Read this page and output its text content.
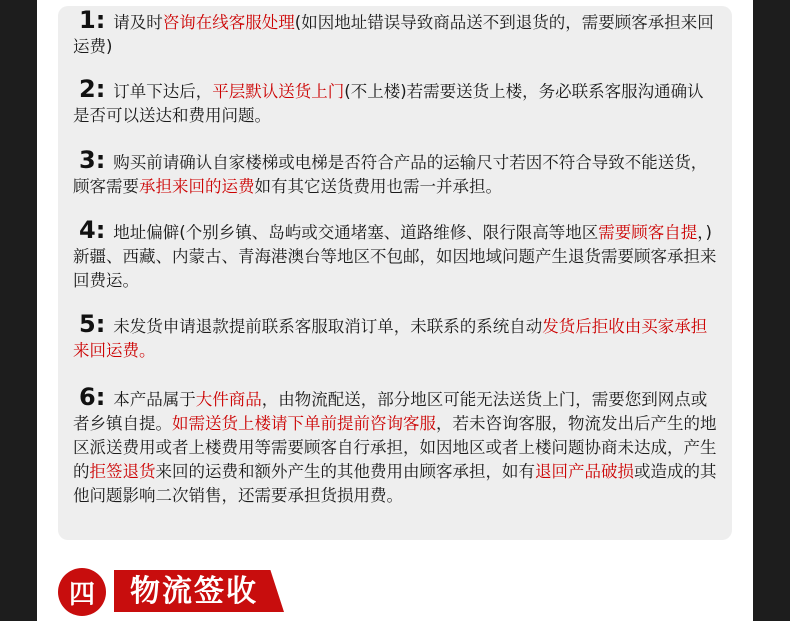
1: 请及时咨询在线客服处理(如因地址错误导致商品送不到退货的，需要顾客承担来回运费)

2: 订单下达后，平层默认送货上门(不上楼)若需要送货上楼，务必联系客服沟通确认是否可以送达和费用问题。

3: 购买前请确认自家楼梯或电梯是否符合产品的运输尺寸若因不符合导致不能送货，顾客需要承担来回的运费如有其它送货费用也需一并承担。

4: 地址偏僻(个别乡镇、岛屿或交通堵塞、道路维修、限行限高等地区需要顾客自提，)新疆、西藏、内蒙古、青海港澳台等地区不包邮，如因地域问题产生退货需要顾客承担来回费运。

5: 未发货申请退款提前联系客服取消订单，未联系的系统自动发货后拒收由买家承担来回运费。

6: 本产品属于大件商品，由物流配送，部分地区可能无法送货上门，需要您到网点或者乡镇自提。如需送货上楼请下单前提前咨询客服，若未咨询客服，物流发出后产生的地区派送费用或者上楼费用等需要顾客自行承担，如因地区或者上楼问题协商未达成，产生的拒签退货来回的运费和额外产生的其他费用由顾客承担，如有退回产品破损或造成的其他问题影响二次销售，还需要承担货损用费。

四	物流签收
